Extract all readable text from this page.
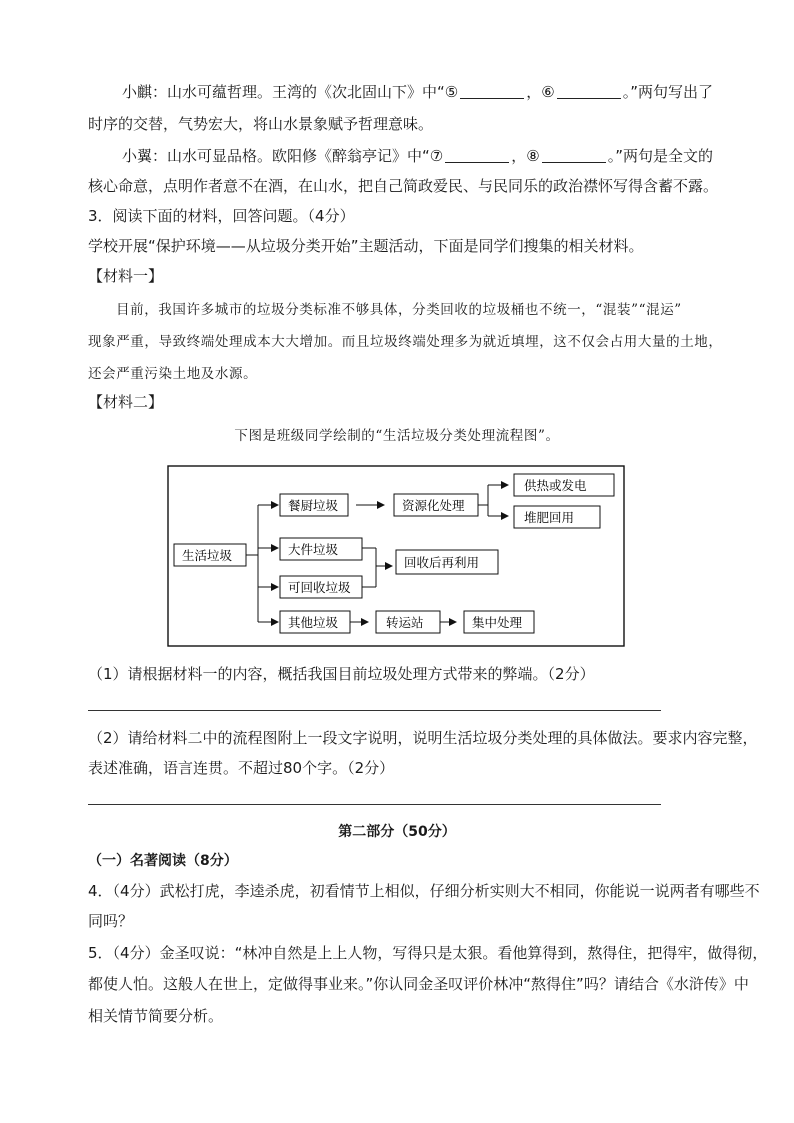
小麒：山水可蕴哲理。王湾的《次北固山下》中“⑤	，⑥	。”两句写出了
时序的交替，气势宏大，将山水景象赋予哲理意味。
小翼：山水可显品格。欧阳修《醉翁亭记》中“⑦	，⑧	。”两句是全文的
核心命意，点明作者意不在酒，在山水，把自己简政爱民、与民同乐的政治襟怀写得含蓄不露。
3．阅读下面的材料，回答问题。（4分）
学校开展“保护环境——从垃圾分类开始”主题活动，下面是同学们搜集的相关材料。
【材料一】
目前，我国许多城市的垃圾分类标准不够具体，分类回收的垃圾桶也不统一，“混装”“混运”
现象严重，导致终端处理成本大大增加。而且垃圾终端处理多为就近填埋，这不仅会占用大量的土地，
还会严重污染土地及水源。
【材料二】
下图是班级同学绘制的“生活垃圾分类处理流程图”。
生活垃圾
餐厨垃圾	资源化处理
供热或发电
堆肥回用
大件垃圾
可回收垃圾
回收后再利用
其他垃圾	转运站	集中处理
（1）请根据材料一的内容，概括我国目前垃圾处理方式带来的弊端。（2分）
（2）请给材料二中的流程图附上一段文字说明，说明生活垃圾分类处理的具体做法。要求内容完整，
表述准确，语言连贯。不超过80个字。（2分）
第二部分（50分）
（一）名著阅读（8分）
4．（4分）武松打虎，李逵杀虎，初看情节上相似，仔细分析实则大不相同，你能说一说两者有哪些不
同吗？
5．（4分）金圣叹说：“林冲自然是上上人物，写得只是太狠。看他算得到，熬得住，把得牢，做得彻，
都使人怕。这般人在世上，定做得事业来。”你认同金圣叹评价林冲“熬得住”吗？请结合《水浒传》中
相关情节简要分析。
